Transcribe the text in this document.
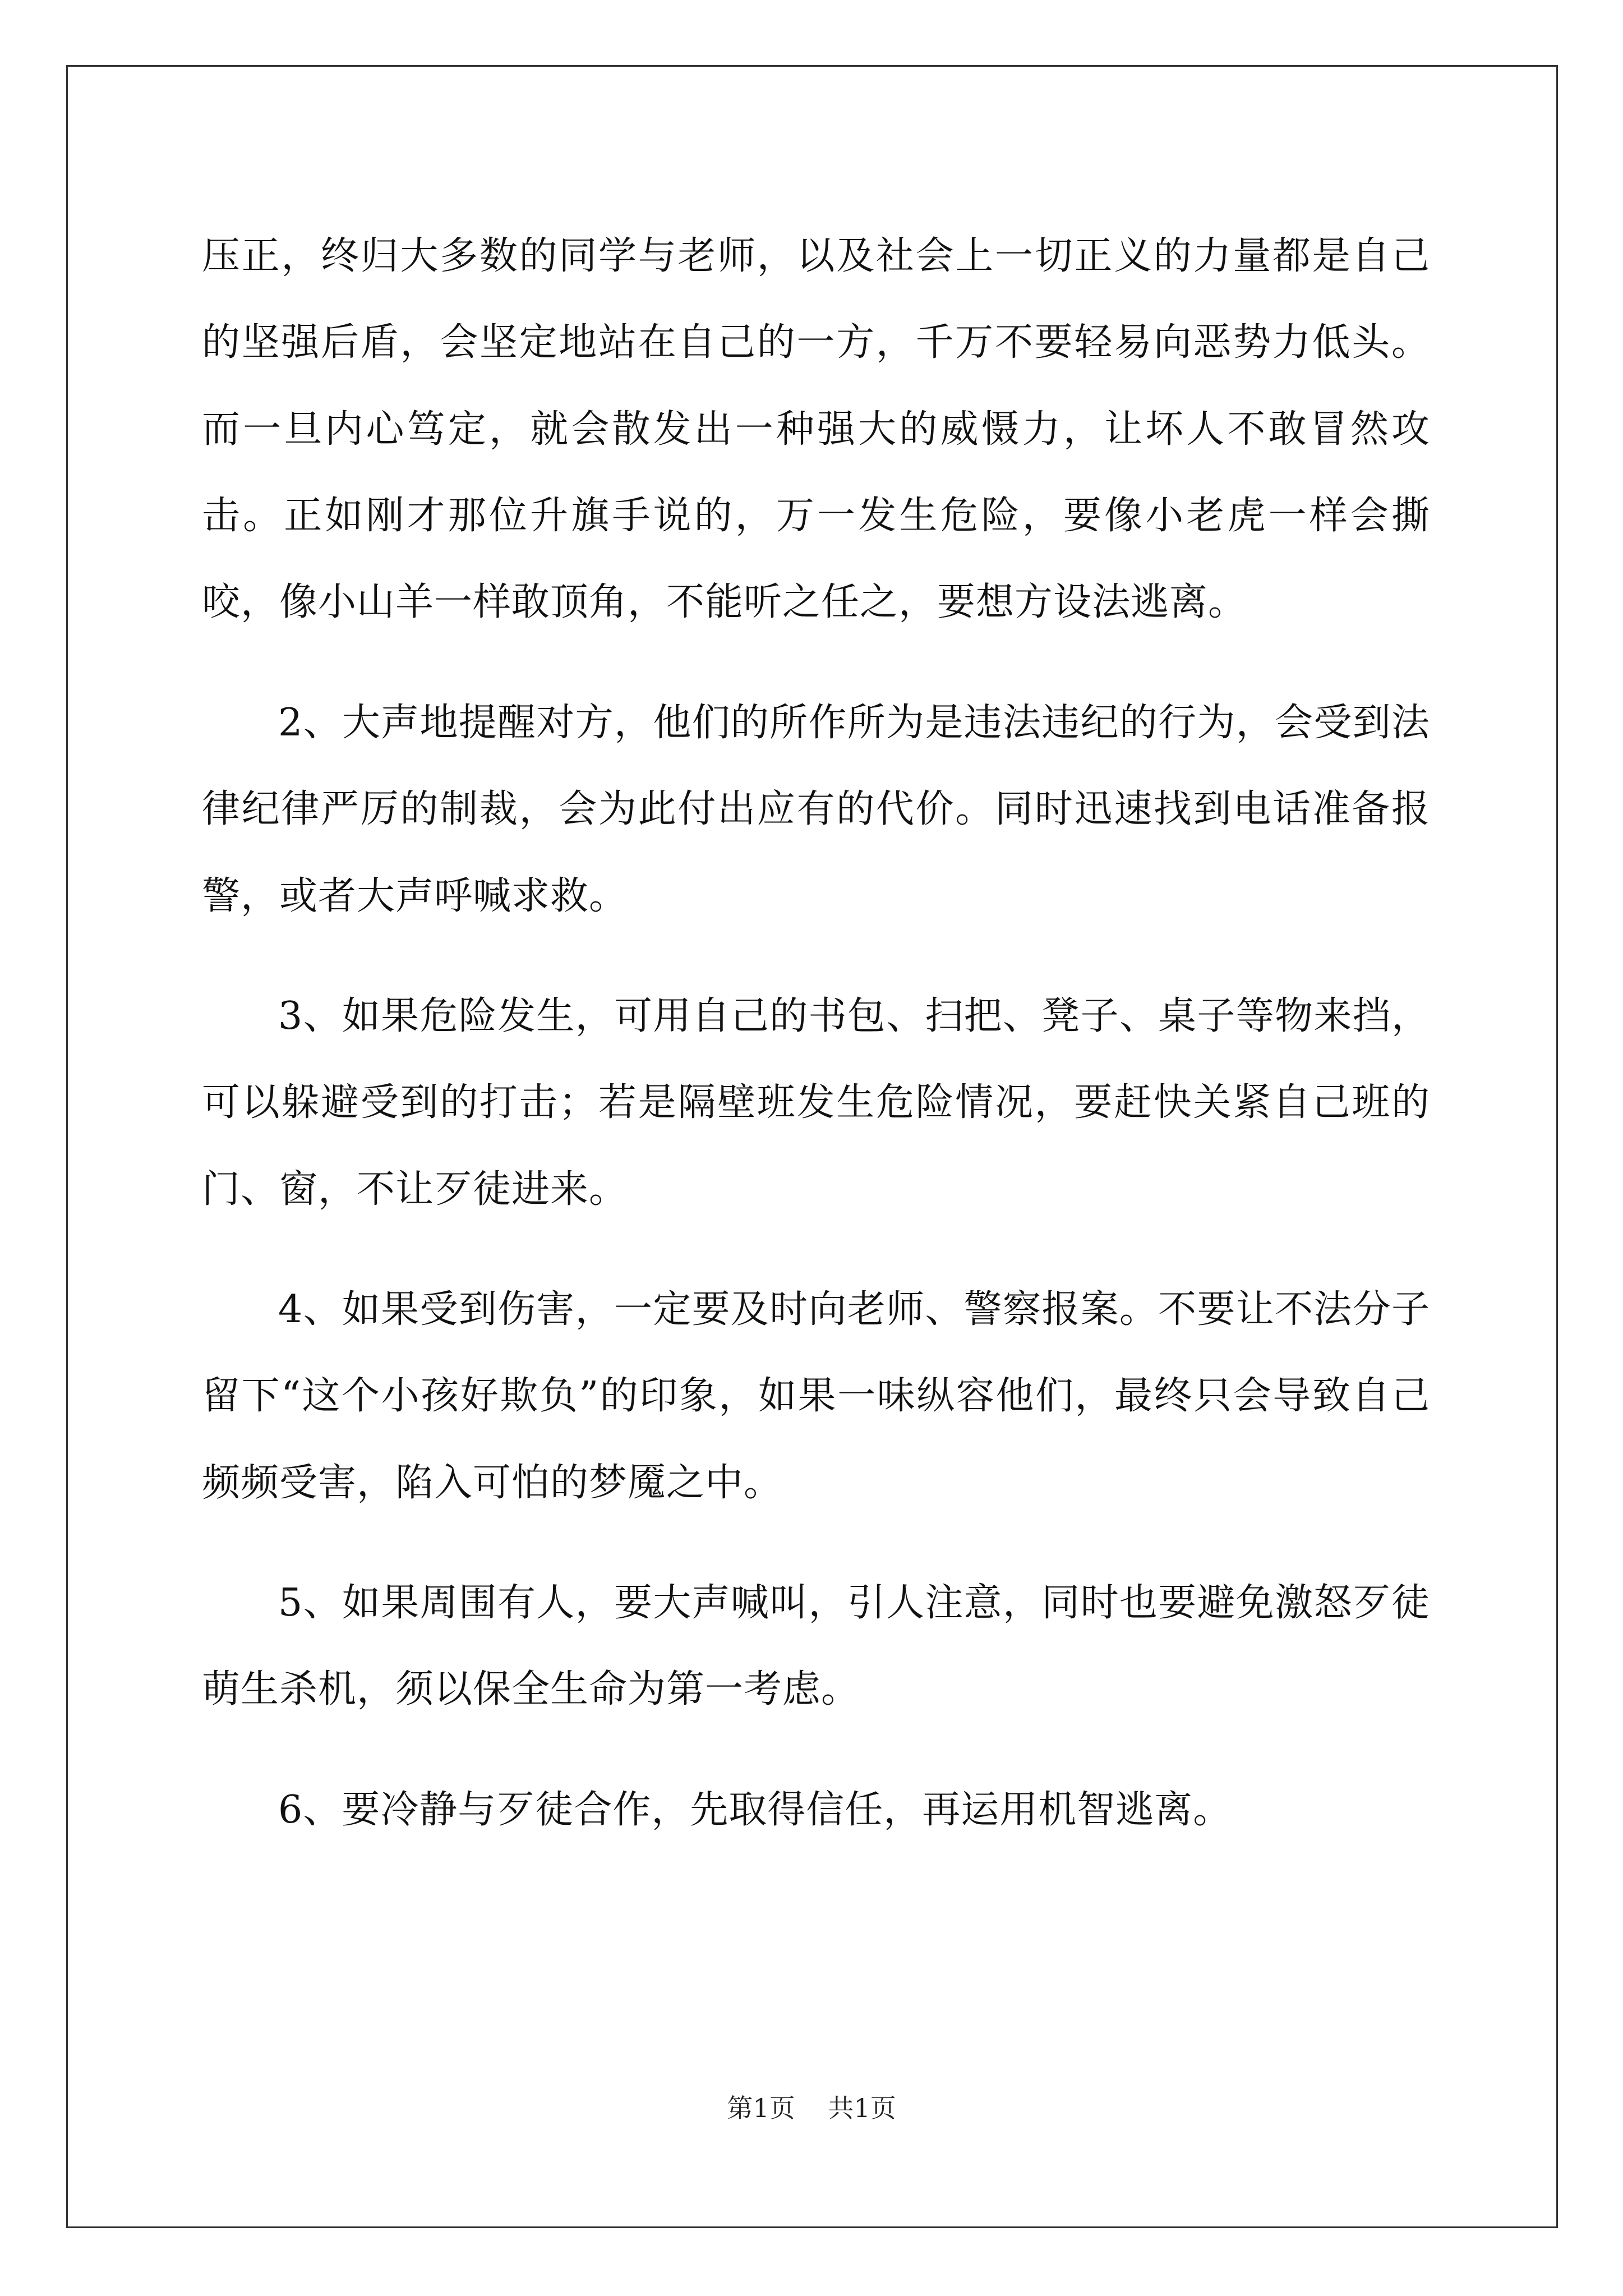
压正，终归大多数的同学与老师，以及社会上一切正义的力量都是自己的坚强后盾，会坚定地站在自己的一方，千万不要轻易向恶势力低头。而一旦内心笃定，就会散发出一种强大的威慑力，让坏人不敢冒然攻击。正如刚才那位升旗手说的，万一发生危险，要像小老虎一样会撕咬，像小山羊一样敢顶角，不能听之任之，要想方设法逃离。

2、大声地提醒对方，他们的所作所为是违法违纪的行为，会受到法律纪律严厉的制裁，会为此付出应有的代价。同时迅速找到电话准备报警，或者大声呼喊求救。

3、如果危险发生，可用自己的书包、扫把、凳子、桌子等物来挡，可以躲避受到的打击；若是隔壁班发生危险情况，要赶快关紧自己班的门、窗，不让歹徒进来。

4、如果受到伤害，一定要及时向老师、警察报案。不要让不法分子留下“这个小孩好欺负”的印象，如果一味纵容他们，最终只会导致自己频频受害，陷入可怕的梦魇之中。

5、如果周围有人，要大声喊叫，引人注意，同时也要避免激怒歹徒萌生杀机，须以保全生命为第一考虑。

6、要冷静与歹徒合作，先取得信任，再运用机智逃离。

第1页 共1页
